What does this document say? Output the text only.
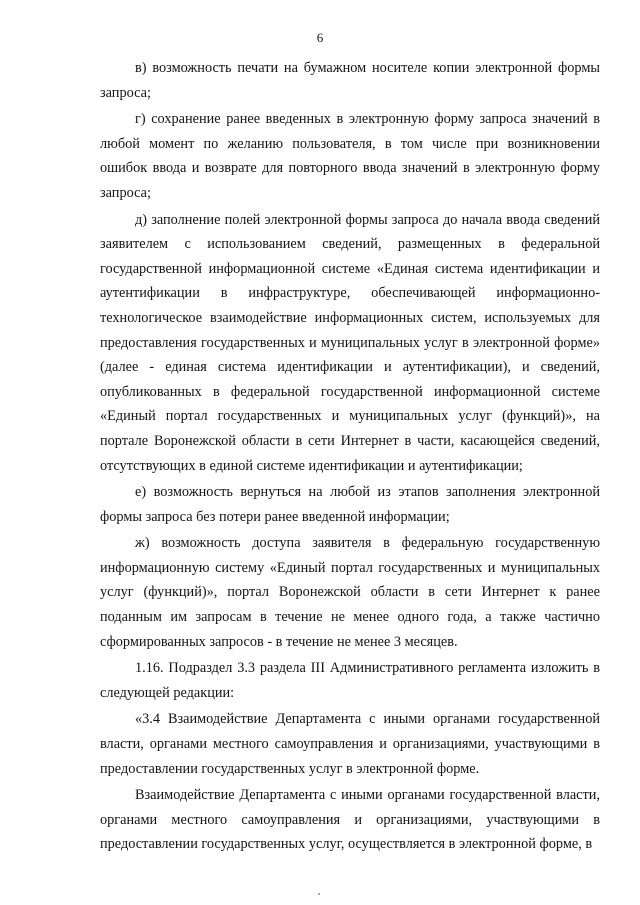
6

в) возможность печати на бумажном носителе копии электронной формы запроса;

г) сохранение ранее введенных в электронную форму запроса значений в любой момент по желанию пользователя, в том числе при возникновении ошибок ввода и возврате для повторного ввода значений в электронную форму запроса;

д) заполнение полей электронной формы запроса до начала ввода сведений заявителем с использованием сведений, размещенных в федеральной государственной информационной системе «Единая система идентификации и аутентификации в инфраструктуре, обеспечивающей информационно-технологическое взаимодействие информационных систем, используемых для предоставления государственных и муниципальных услуг в электронной форме» (далее - единая система идентификации и аутентификации), и сведений, опубликованных в федеральной государственной информационной системе «Единый портал государственных и муниципальных услуг (функций)», на портале Воронежской области в сети Интернет в части, касающейся сведений, отсутствующих в единой системе идентификации и аутентификации;

е) возможность вернуться на любой из этапов заполнения электронной формы запроса без потери ранее введенной информации;

ж) возможность доступа заявителя в федеральную государственную информационную систему «Единый портал государственных и муниципальных услуг (функций)», портал Воронежской области в сети Интернет к ранее поданным им запросам в течение не менее одного года, а также частично сформированных запросов - в течение не менее 3 месяцев.

1.16. Подраздел 3.3 раздела III Административного регламента изложить в следующей редакции:

«3.4 Взаимодействие Департамента с иными органами государственной власти, органами местного самоуправления и организациями, участвующими в предоставлении государственных услуг в электронной форме.

Взаимодействие Департамента с иными органами государственной власти, органами местного самоуправления и организациями, участвующими в предоставлении государственных услуг, осуществляется в электронной форме, в
